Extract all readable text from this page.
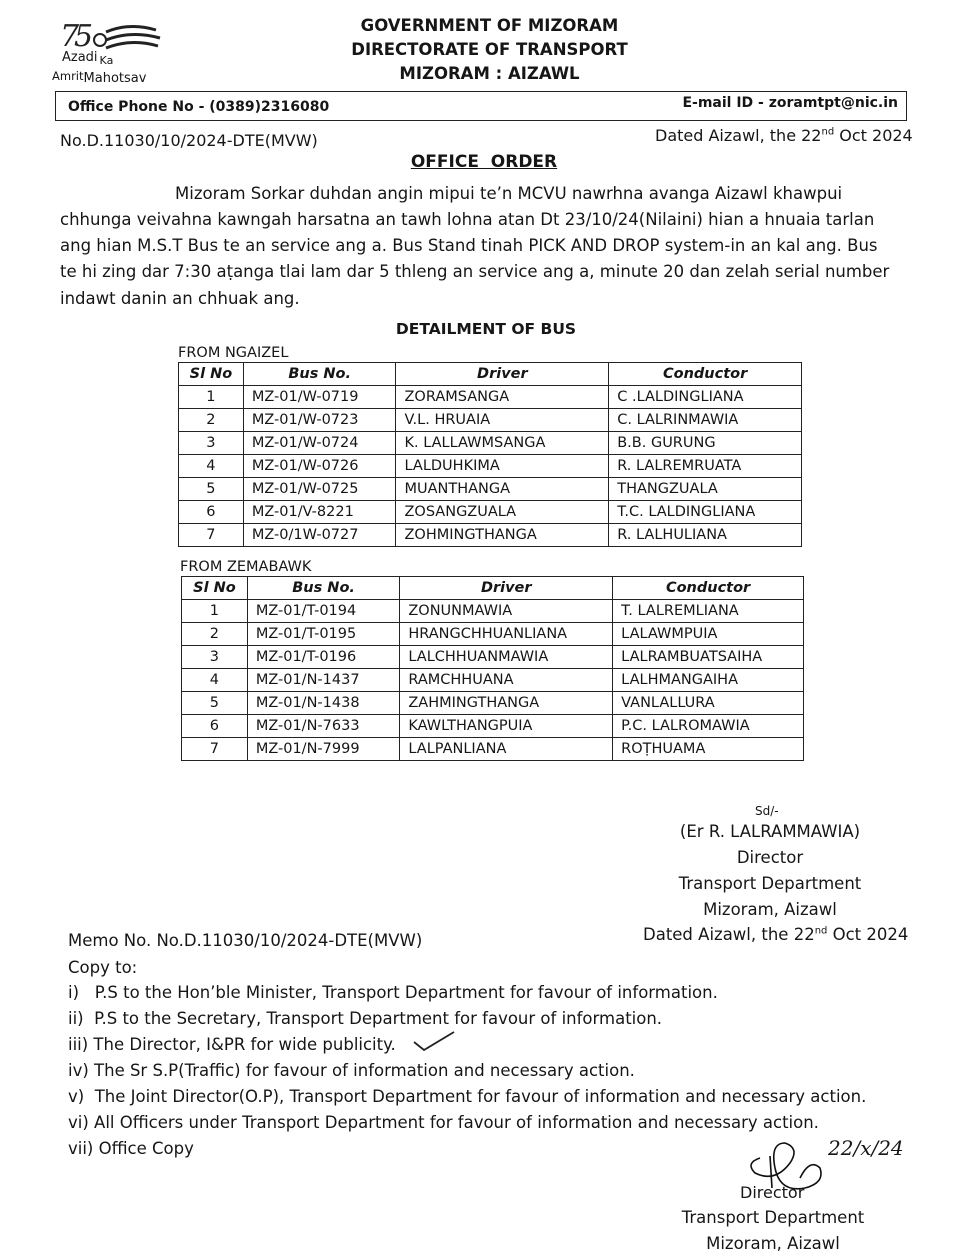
7
5
Azadi $_{Ka}$
AmritMahotsav
GOVERNMENT OF MIZORAM
DIRECTORATE OF TRANSPORT
MIZORAM : AIZAWL
Office Phone No - (0389)2316080	E-mail ID - zoramtpt@nic.in
No.D.11030/10/2024-DTE(MVW)	Dated Aizawl, the 22nd Oct 2024
OFFICE  ORDER
Mizoram Sorkar duhdan angin mipui te’n MCVU nawrhna avanga Aizawl khawpui
chhunga veivahna kawngah harsatna an tawh lohna atan Dt 23/10/24(Nilaini) hian a hnuaia tarlan
ang hian M.S.T Bus te an service ang a. Bus Stand tinah PICK AND DROP system-in an kal ang. Bus
te hi zing dar 7:30 aṭanga tlai lam dar 5 thleng an service ang a, minute 20 dan zelah serial number
indawt danin an chhuak ang.
DETAILMENT OF BUS
FROM NGAIZEL
Sl No	Bus No.	Driver	Conductor
1	MZ-01/W-0719	ZORAMSANGA	C .LALDINGLIANA
2	MZ-01/W-0723	V.L. HRUAIA	C. LALRINMAWIA
3	MZ-01/W-0724	K. LALLAWMSANGA	B.B. GURUNG
4	MZ-01/W-0726	LALDUHKIMA	R. LALREMRUATA
5	MZ-01/W-0725	MUANTHANGA	THANGZUALA
6	MZ-01/V-8221	ZOSANGZUALA	T.C. LALDINGLIANA
7	MZ-0/1W-0727	ZOHMINGTHANGA	R. LALHULIANA
FROM ZEMABAWK
Sl No	Bus No.	Driver	Conductor
1	MZ-01/T-0194	ZONUNMAWIA	T. LALREMLIANA
2	MZ-01/T-0195	HRANGCHHUANLIANA	LALAWMPUIA
3	MZ-01/T-0196	LALCHHUANMAWIA	LALRAMBUATSAIHA
4	MZ-01/N-1437	RAMCHHUANA	LALHMANGAIHA
5	MZ-01/N-1438	ZAHMINGTHANGA	VANLALLURA
6	MZ-01/N-7633	KAWLTHANGPUIA	P.C. LALROMAWIA
7	MZ-01/N-7999	LALPANLIANA	ROṬHUAMA
Sd/-
(Er R. LALRAMMAWIA)
Director
Transport Department
Mizoram, Aizawl
Memo No. No.D.11030/10/2024-DTE(MVW)	Dated Aizawl, the 22nd Oct 2024
Copy to:
i)   P.S to the Hon’ble Minister, Transport Department for favour of information.
ii)  P.S to the Secretary, Transport Department for favour of information.
iii) The Director, I&PR for wide publicity.
iv) The Sr S.P(Traffic) for favour of information and necessary action.
v)  The Joint Director(O.P), Transport Department for favour of information and necessary action.
vi) All Officers under Transport Department for favour of information and necessary action.
vii) Office Copy	22/x/24
Director
Transport Department
Mizoram, Aizawl
